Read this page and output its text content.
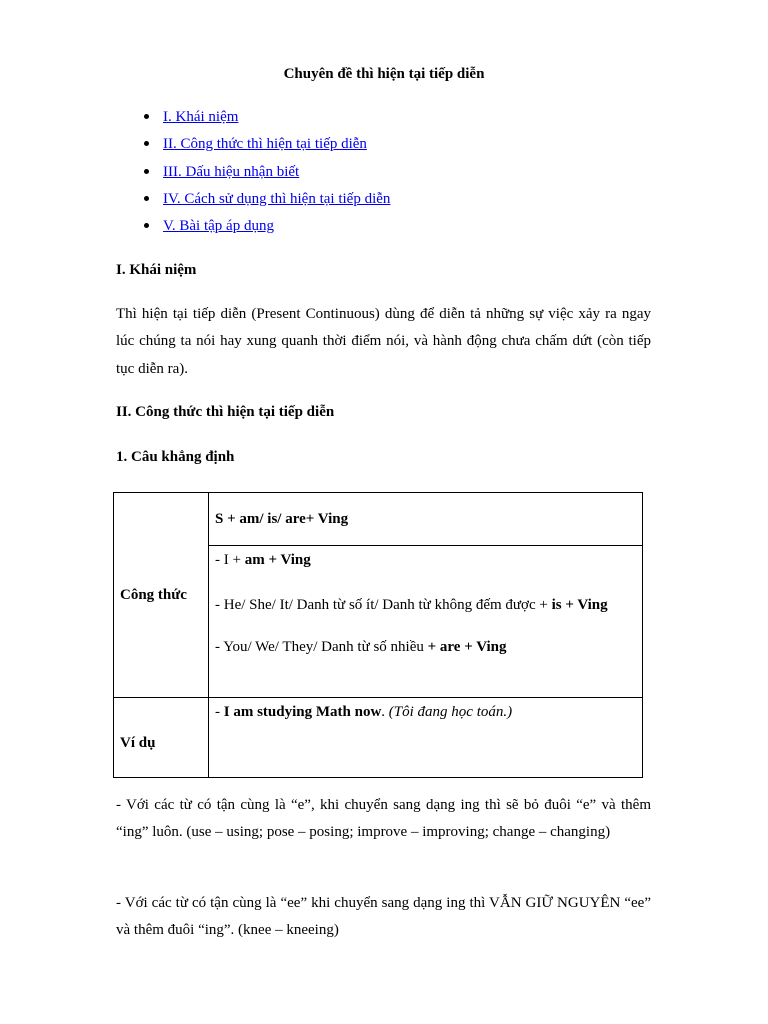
Chuyên đề thì hiện tại tiếp diễn
I. Khái niệm
II. Công thức thì hiện tại tiếp diễn
III. Dấu hiệu nhận biết
IV. Cách sử dụng thì hiện tại tiếp diễn
V. Bài tập áp dụng
I. Khái niệm
Thì hiện tại tiếp diễn (Present Continuous) dùng để diễn tả những sự việc xảy ra ngay lúc chúng ta nói hay xung quanh thời điểm nói, và hành động chưa chấm dứt (còn tiếp tục diễn ra).
II. Công thức thì hiện tại tiếp diễn
1. Câu khẳng định
Công thức	S + am/ is/ are+ Ving

	- I + am + Ving
- He/ She/ It/ Danh từ số ít/ Danh từ không đếm được + is + Ving
- You/ We/ They/ Danh từ số nhiều + are + Ving

Ví dụ	- I am studying Math now. (Tôi đang học toán.)
- Với các từ có tận cùng là “e”, khi chuyển sang dạng ing thì sẽ bỏ đuôi “e” và thêm “ing” luôn. (use – using; pose – posing; improve – improving; change – changing)
- Với các từ có tận cùng là “ee” khi chuyển sang dạng ing thì VẪN GIỮ NGUYÊN “ee” và thêm đuôi “ing”. (knee – kneeing)
